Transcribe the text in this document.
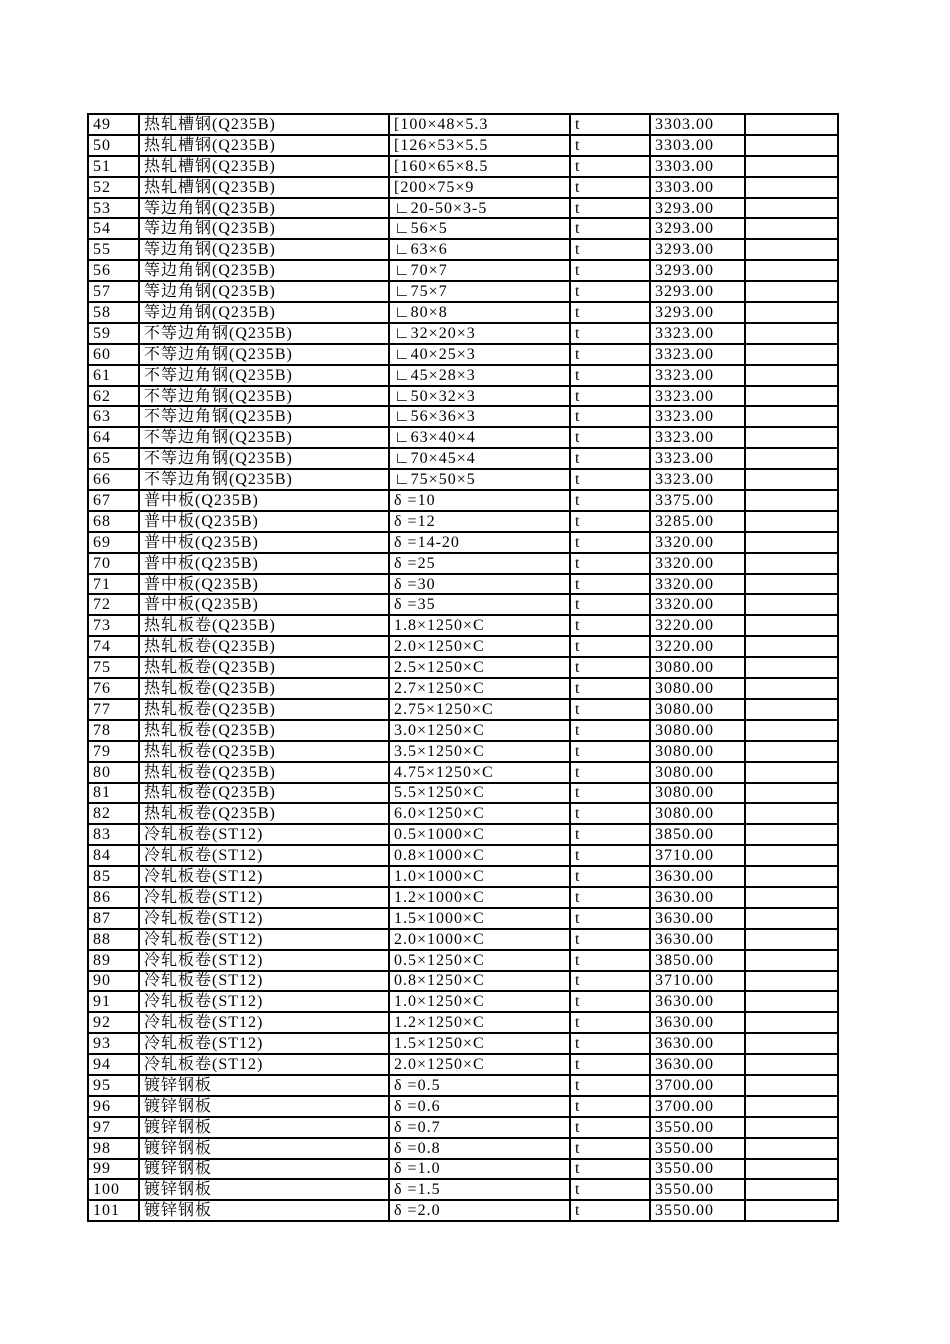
49	热轧槽钢(Q235B)	[100×48×5.3	t	3303.00	
50	热轧槽钢(Q235B)	[126×53×5.5	t	3303.00	
51	热轧槽钢(Q235B)	[160×65×8.5	t	3303.00	
52	热轧槽钢(Q235B)	[200×75×9	t	3303.00	
53	等边角钢(Q235B)	∟20-50×3-5	t	3293.00	
54	等边角钢(Q235B)	∟56×5	t	3293.00	
55	等边角钢(Q235B)	∟63×6	t	3293.00	
56	等边角钢(Q235B)	∟70×7	t	3293.00	
57	等边角钢(Q235B)	∟75×7	t	3293.00	
58	等边角钢(Q235B)	∟80×8	t	3293.00	
59	不等边角钢(Q235B)	∟32×20×3	t	3323.00	
60	不等边角钢(Q235B)	∟40×25×3	t	3323.00	
61	不等边角钢(Q235B)	∟45×28×3	t	3323.00	
62	不等边角钢(Q235B)	∟50×32×3	t	3323.00	
63	不等边角钢(Q235B)	∟56×36×3	t	3323.00	
64	不等边角钢(Q235B)	∟63×40×4	t	3323.00	
65	不等边角钢(Q235B)	∟70×45×4	t	3323.00	
66	不等边角钢(Q235B)	∟75×50×5	t	3323.00	
67	普中板(Q235B)	δ =10	t	3375.00	
68	普中板(Q235B)	δ =12	t	3285.00	
69	普中板(Q235B)	δ =14-20	t	3320.00	
70	普中板(Q235B)	δ =25	t	3320.00	
71	普中板(Q235B)	δ =30	t	3320.00	
72	普中板(Q235B)	δ =35	t	3320.00	
73	热轧板卷(Q235B)	1.8×1250×C	t	3220.00	
74	热轧板卷(Q235B)	2.0×1250×C	t	3220.00	
75	热轧板卷(Q235B)	2.5×1250×C	t	3080.00	
76	热轧板卷(Q235B)	2.7×1250×C	t	3080.00	
77	热轧板卷(Q235B)	2.75×1250×C	t	3080.00	
78	热轧板卷(Q235B)	3.0×1250×C	t	3080.00	
79	热轧板卷(Q235B)	3.5×1250×C	t	3080.00	
80	热轧板卷(Q235B)	4.75×1250×C	t	3080.00	
81	热轧板卷(Q235B)	5.5×1250×C	t	3080.00	
82	热轧板卷(Q235B)	6.0×1250×C	t	3080.00	
83	冷轧板卷(ST12)	0.5×1000×C	t	3850.00	
84	冷轧板卷(ST12)	0.8×1000×C	t	3710.00	
85	冷轧板卷(ST12)	1.0×1000×C	t	3630.00	
86	冷轧板卷(ST12)	1.2×1000×C	t	3630.00	
87	冷轧板卷(ST12)	1.5×1000×C	t	3630.00	
88	冷轧板卷(ST12)	2.0×1000×C	t	3630.00	
89	冷轧板卷(ST12)	0.5×1250×C	t	3850.00	
90	冷轧板卷(ST12)	0.8×1250×C	t	3710.00	
91	冷轧板卷(ST12)	1.0×1250×C	t	3630.00	
92	冷轧板卷(ST12)	1.2×1250×C	t	3630.00	
93	冷轧板卷(ST12)	1.5×1250×C	t	3630.00	
94	冷轧板卷(ST12)	2.0×1250×C	t	3630.00	
95	镀锌钢板	δ =0.5	t	3700.00	
96	镀锌钢板	δ =0.6	t	3700.00	
97	镀锌钢板	δ =0.7	t	3550.00	
98	镀锌钢板	δ =0.8	t	3550.00	
99	镀锌钢板	δ =1.0	t	3550.00	
100	镀锌钢板	δ =1.5	t	3550.00	
101	镀锌钢板	δ =2.0	t	3550.00	
